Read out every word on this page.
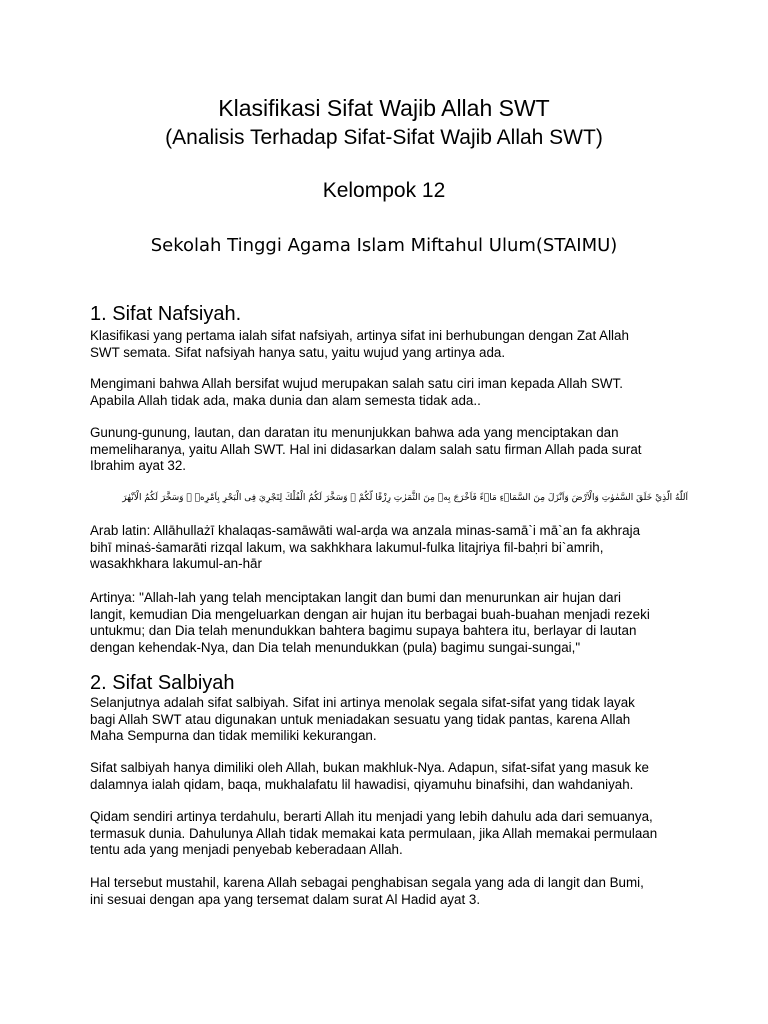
Klasifikasi Sifat Wajib Allah SWT

(Analisis Terhadap Sifat-Sifat Wajib Allah SWT)

Kelompok 12

Sekolah Tinggi Agama Islam Miftahul Ulum(STAIMU)

1. Sifat Nafsiyah.

Klasifikasi yang pertama ialah sifat nafsiyah, artinya sifat ini berhubungan dengan Zat Allah
SWT semata. Sifat nafsiyah hanya satu, yaitu wujud yang artinya ada.

Mengimani bahwa Allah bersifat wujud merupakan salah satu ciri iman kepada Allah SWT.
Apabila Allah tidak ada, maka dunia dan alam semesta tidak ada..

Gunung-gunung, lautan, dan daratan itu menunjukkan bahwa ada yang menciptakan dan
memeliharanya, yaitu Allah SWT. Hal ini didasarkan dalam salah satu firman Allah pada surat
Ibrahim ayat 32.

اَللّٰهُ الَّذِيْ خَلَقَ السَّمٰوٰتِ وَالْاَرْضَ وَاَنْزَلَ مِنَ السَّمَاۤءِ مَاۤءً فَاَخْرَجَ بِهٖ مِنَ الثَّمَرٰتِ رِزْقًا لَّكُمْ ۚ وَسَخَّرَ لَكُمُ الْفُلْكَ لِتَجْرِيَ فِى الْبَحْرِ بِاَمْرِهٖ ۚ وَسَخَّرَ لَكُمُ الْاَنْهٰرَ

Arab latin: Allāhullażī khalaqas-samāwāti wal-arḍa wa anzala minas-samā`i mā`an fa akhraja
bihī minaṡ-ṡamarāti rizqal lakum, wa sakhkhara lakumul-fulka litajriya fil-baḥri bi`amrih,
wasakhkhara lakumul-an-hār

Artinya: "Allah-lah yang telah menciptakan langit dan bumi dan menurunkan air hujan dari
langit, kemudian Dia mengeluarkan dengan air hujan itu berbagai buah-buahan menjadi rezeki
untukmu; dan Dia telah menundukkan bahtera bagimu supaya bahtera itu, berlayar di lautan
dengan kehendak-Nya, dan Dia telah menundukkan (pula) bagimu sungai-sungai,"

2. Sifat Salbiyah

Selanjutnya adalah sifat salbiyah. Sifat ini artinya menolak segala sifat-sifat yang tidak layak
bagi Allah SWT atau digunakan untuk meniadakan sesuatu yang tidak pantas, karena Allah
Maha Sempurna dan tidak memiliki kekurangan.

Sifat salbiyah hanya dimiliki oleh Allah, bukan makhluk-Nya. Adapun, sifat-sifat yang masuk ke
dalamnya ialah qidam, baqa, mukhalafatu lil hawadisi, qiyamuhu binafsihi, dan wahdaniyah.

Qidam sendiri artinya terdahulu, berarti Allah itu menjadi yang lebih dahulu ada dari semuanya,
termasuk dunia. Dahulunya Allah tidak memakai kata permulaan, jika Allah memakai permulaan
tentu ada yang menjadi penyebab keberadaan Allah.

Hal tersebut mustahil, karena Allah sebagai penghabisan segala yang ada di langit dan Bumi,
ini sesuai dengan apa yang tersemat dalam surat Al Hadid ayat 3.
